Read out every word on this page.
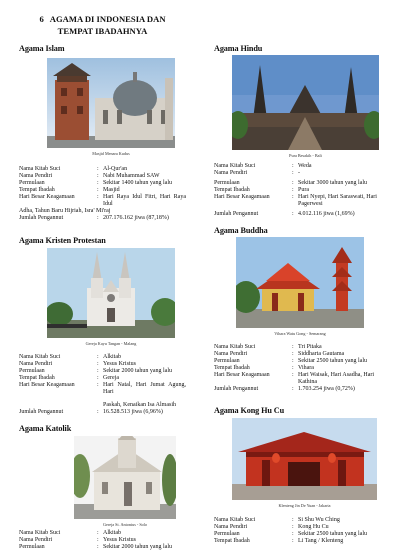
6 AGAMA DI INDONESIA DAN
TEMPAT IBADAHNYA
Agama Islam
Masjid Menara Kudus
Nama Kitab Suci	: Al-Qur'an
Nama Pendiri	: Nabi Muhammad SAW
Permulaan	: Sekitar 1400 tahun yang lalu
Tempat Ibadah	: Masjid
Hari Besar Keagamaan	: Hari Raya Idul Fitri, Hari Raya Idul
Adha, Tahun Baru Hijriah, Isra' Mi'raj
Jumlah Pengannut	: 207.176.162 jiwa (87,18%)
Agama Kristen Protestan
Gereja Kayu Tangan - Malang
Nama Kitab Suci	: Alkitab
Nama Pendiri	: Yesus Kristus
Permulaan	: Sekitar 2000 tahun yang lalu
Tempat Ibadah	: Gereja
Hari Besar Keagamaan	: Hari Natal, Hari Jumat Agung, Hari
Paskah, Kenaikan Isa Almasih
Jumlah Pengannut	: 16.528.513 jiwa (6,96%)
Agama Katolik
Gereja St. Antonius - Solo
Nama Kitab Suci	: Alkitab
Nama Pendiri	: Yesus Kristus
Permulaan	: Sekitar 2000 tahun yang lalu
Agama Hindu
Pura Besakih - Bali
Nama Kitab Suci	: Weda
Nama Pendiri	: -
Permulaan	: Sekitar 3000 tahun yang lalu
Tempat Ibadah	: Pura
Hari Besar Keagamaan	: Hari Nyepi, Hari Saraswati, Hari Pagerwesi
Jumlah Pengannut	: 4.012.116 jiwa (1,69%)
Agama Buddha
Vihara Watu Gong - Semarang
Nama Kitab Suci	: Tri Pitaka
Nama Pendiri	: Siddharta Gautama
Permulaan	: Sekitar 2500 tahun yang lalu
Tempat Ibadah	: Vihara
Hari Besar Keagamaan	: Hari Waisak, Hari Asadha, Hari Kathina
Jumlah Pengannut	: 1.703.254 jiwa (0,72%)
Agama Kong Hu Cu
Klenteng Jin De Yuan - Jakarta
Nama Kitab Suci	: Si Shu Wu Ching
Nama Pendiri	: Kong Hu Cu
Permulaan	: Sekitar 2500 tahun yang lalu
Tempat Ibadah	: Li Tang / Klenteng
